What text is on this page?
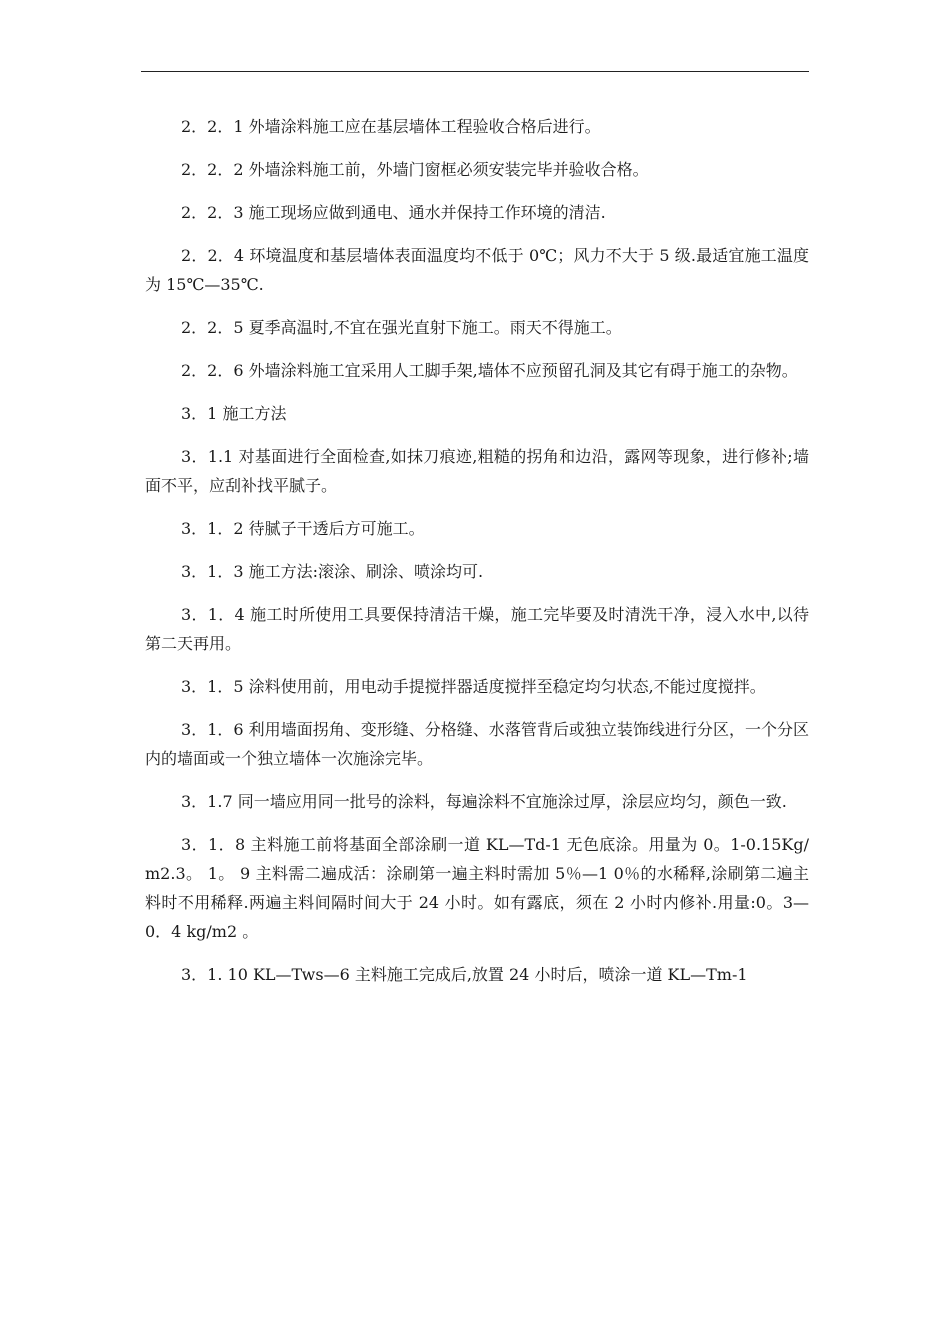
2．2．1 外墙涂料施工应在基层墙体工程验收合格后进行。

2．2．2 外墙涂料施工前，外墙门窗框必须安装完毕并验收合格。

2．2．3 施工现场应做到通电、通水并保持工作环境的清洁.

2．2．4 环境温度和基层墙体表面温度均不低于 0℃；风力不大于 5 级.最适宜施工温度为 15℃—35℃.

2．2．5 夏季高温时,不宜在强光直射下施工。雨天不得施工。

2．2．6 外墙涂料施工宜采用人工脚手架,墙体不应预留孔洞及其它有碍于施工的杂物。

3．1 施工方法

3．1.1 对基面进行全面检查,如抹刀痕迹,粗糙的拐角和边沿，露网等现象，进行修补;墙面不平，应刮补找平腻子。

3．1．2 待腻子干透后方可施工。

3．1．3 施工方法:滚涂、刷涂、喷涂均可.

3．1．4 施工时所使用工具要保持清洁干燥，施工完毕要及时清洗干净，浸入水中,以待第二天再用。

3．1．5 涂料使用前，用电动手提搅拌器适度搅拌至稳定均匀状态,不能过度搅拌。

3．1．6 利用墙面拐角、变形缝、分格缝、水落管背后或独立装饰线进行分区，一个分区内的墙面或一个独立墙体一次施涂完毕。

3．1.7 同一墙应用同一批号的涂料，每遍涂料不宜施涂过厚，涂层应均匀，颜色一致.

3．1．8 主料施工前将基面全部涂刷一道 KL—Td-1 无色底涂。用量为 0。1-0.15Kg/m2.3。 1。 9 主料需二遍成活：涂刷第一遍主料时需加 5％—1 0％的水稀释,涂刷第二遍主料时不用稀释.两遍主料间隔时间大于 24 小时。如有露底，须在 2 小时内修补.用量:0。3— 0．4 kg/m2 。

3．1. 10 KL—Tws—6 主料施工完成后,放置 24 小时后，喷涂一道 KL—Tm-1
